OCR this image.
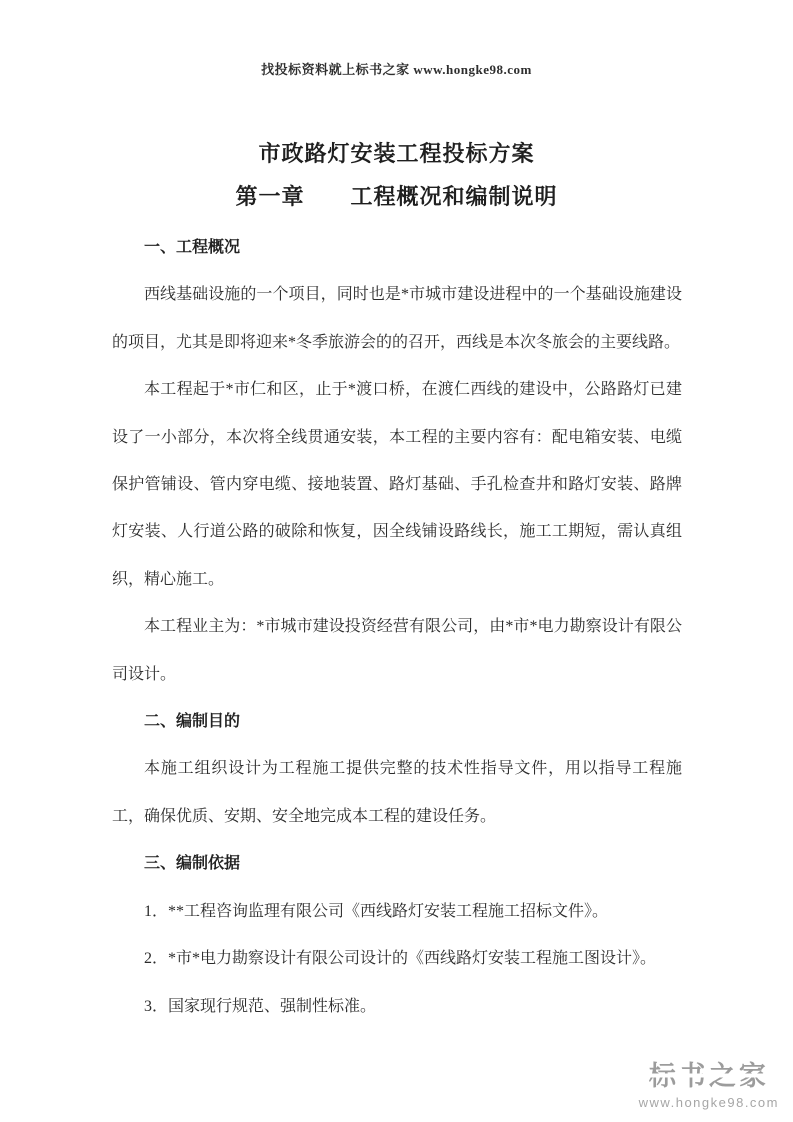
找投标资料就上标书之家 www.hongke98.com
市政路灯安装工程投标方案
第一章　　工程概况和编制说明

一、工程概况

西线基础设施的一个项目，同时也是*市城市建设进程中的一个基础设施建设的项目，尤其是即将迎来*冬季旅游会的的召开，西线是本次冬旅会的主要线路。

本工程起于*市仁和区，止于*渡口桥，在渡仁西线的建设中，公路路灯已建设了一小部分，本次将全线贯通安装，本工程的主要内容有：配电箱安装、电缆保护管铺设、管内穿电缆、接地装置、路灯基础、手孔检查井和路灯安装、路牌灯安装、人行道公路的破除和恢复，因全线铺设路线长，施工工期短，需认真组织，精心施工。

本工程业主为：*市城市建设投资经营有限公司，由*市*电力勘察设计有限公司设计。

二、编制目的

本施工组织设计为工程施工提供完整的技术性指导文件，用以指导工程施工，确保优质、安期、安全地完成本工程的建设任务。

三、编制依据

1．**工程咨询监理有限公司《西线路灯安装工程施工招标文件》。

2．*市*电力勘察设计有限公司设计的《西线路灯安装工程施工图设计》。

3．国家现行规范、强制性标准。

标书之家
www.hongke98.com
